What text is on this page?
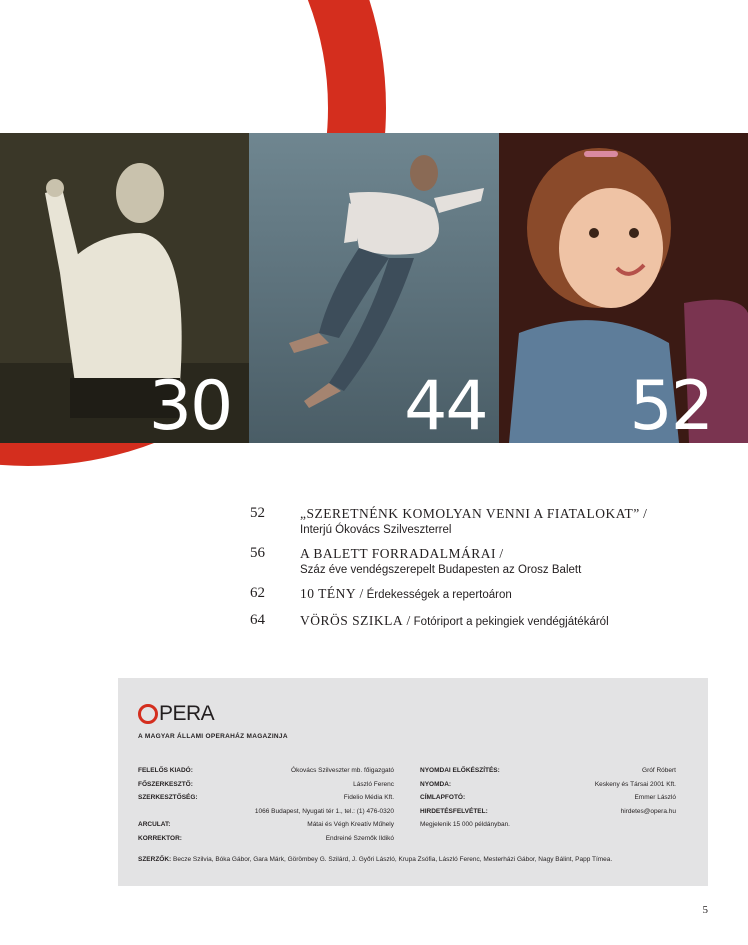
30	44 52
52	„SZERETNÉNK KOMOLYAN VENNI A FIATALOKAT” /
Interjú Ókovács Szilveszterrel
56	A BALETT FORRADALMÁRAI /
Száz éve vendégszerepelt Budapesten az Orosz Balett
62	10 TÉNY / Érdekességek a repertoáron
64	VÖRÖS SZIKLA / Fotóriport a pekingiek vendégjátékáról
PERA
A MAGYAR ÁLLAMI OPERAHÁZ MAGAZINJA
FELELŐS KIADÓ:	Ókovács Szilveszter mb. főigazgató
FŐSZERKESZTŐ:	László Ferenc
SZERKESZTŐSÉG:	Fidelio Média Kft.
1066 Budapest, Nyugati tér 1., tel.: (1) 476-0320
ARCULAT:	Mátai és Végh Kreatív Műhely
KORREKTOR:	Endreiné Szemők Ildikó
NYOMDAI ELŐKÉSZÍTÉS:	Gróf Róbert
NYOMDA:	Keskeny és Társai 2001 Kft.
CÍMLAPFOTÓ:	Emmer László
HIRDETÉSFELVÉTEL:	hirdetes@opera.hu
Megjelenik 15 000 példányban.
SZERZŐK: Becze Szilvia, Bóka Gábor, Gara Márk, Görömbey G. Szilárd, J. Győri László, Krupa Zsófia, László Ferenc, Mesterházi Gábor, Nagy Bálint, Papp Tímea.
5
